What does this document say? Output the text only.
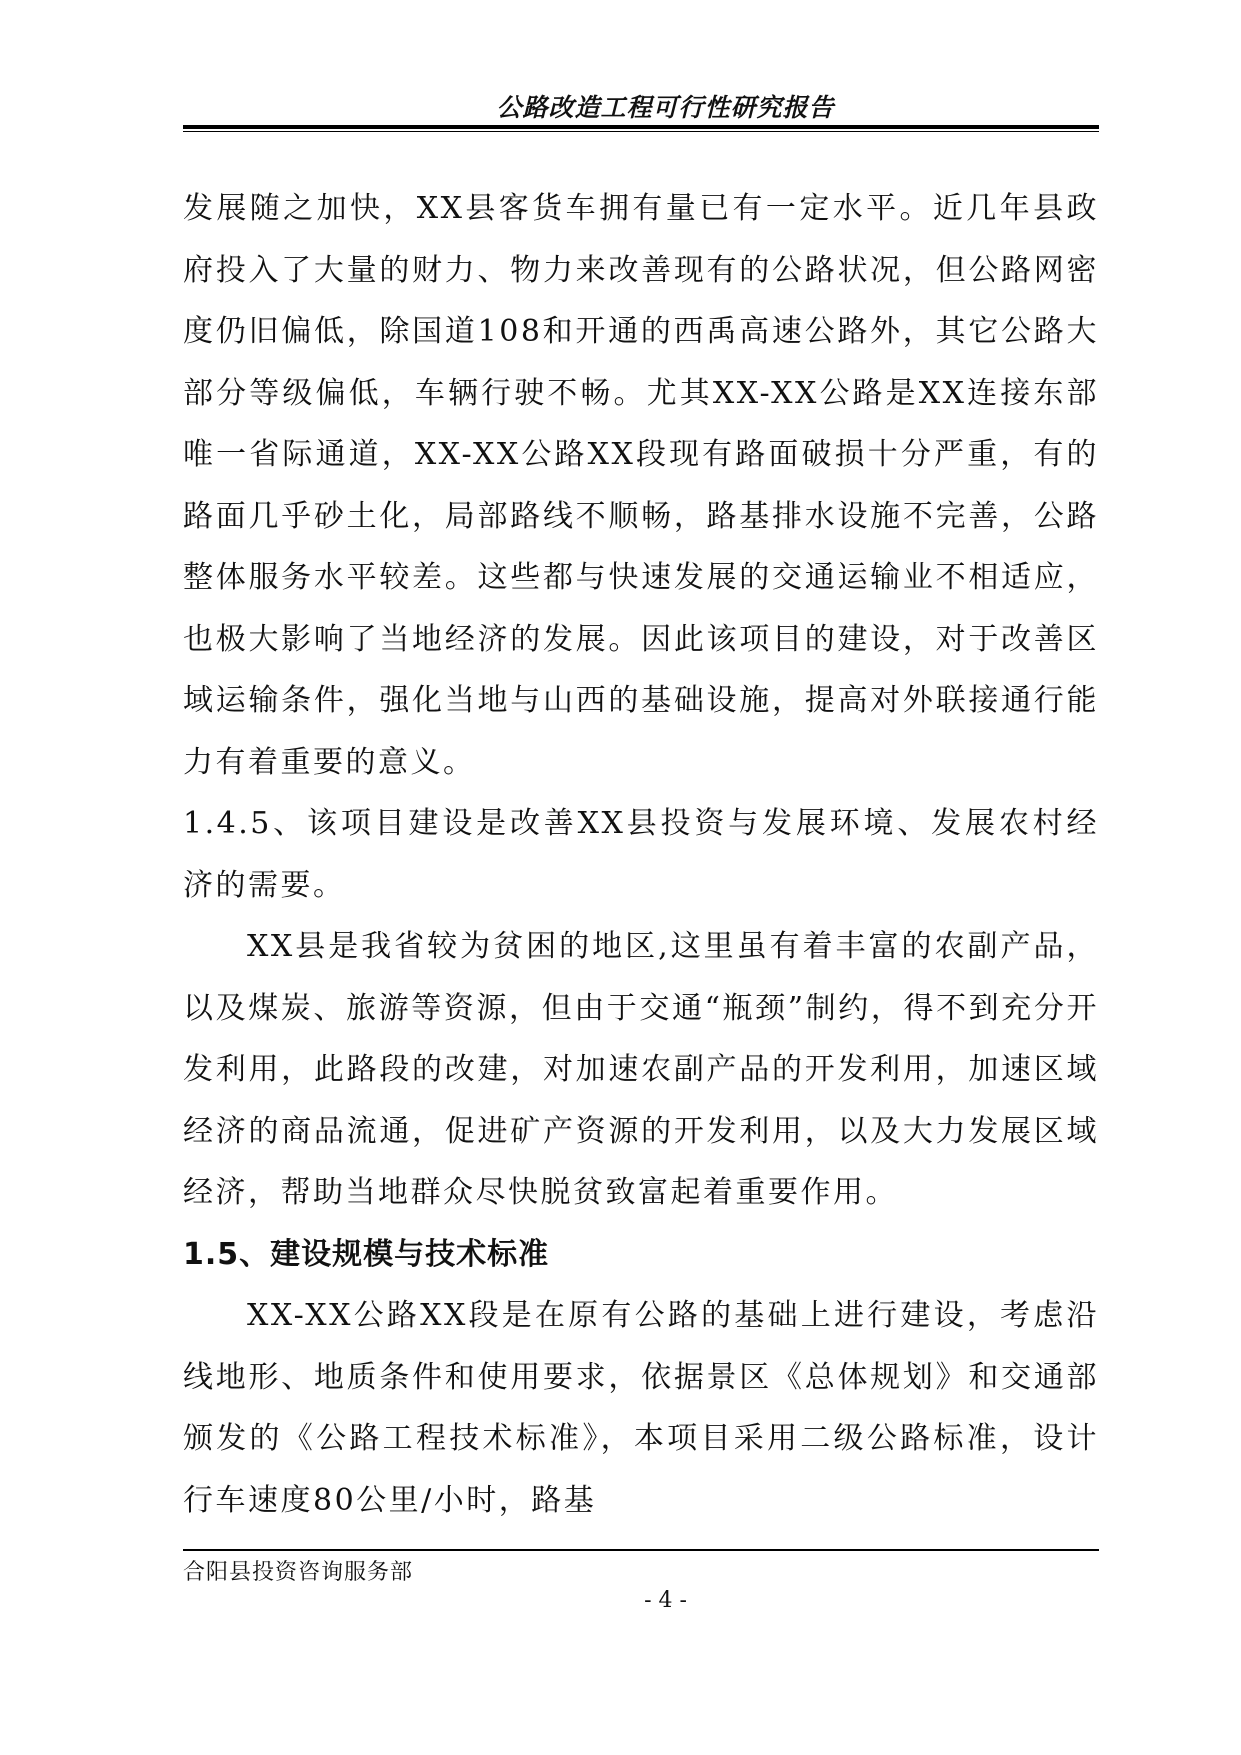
公路改造工程可行性研究报告

发展随之加快，XX县客货车拥有量已有一定水平。近几年县政府投入了大量的财力、物力来改善现有的公路状况，但公路网密度仍旧偏低，除国道108和开通的西禹高速公路外，其它公路大部分等级偏低，车辆行驶不畅。尤其XX-XX公路是XX连接东部唯一省际通道，XX-XX公路XX段现有路面破损十分严重，有的路面几乎砂土化，局部路线不顺畅，路基排水设施不完善，公路整体服务水平较差。这些都与快速发展的交通运输业不相适应，也极大影响了当地经济的发展。因此该项目的建设，对于改善区域运输条件，强化当地与山西的基础设施，提高对外联接通行能力有着重要的意义。

1.4.5、该项目建设是改善XX县投资与发展环境、发展农村经济的需要。

XX县是我省较为贫困的地区,这里虽有着丰富的农副产品，以及煤炭、旅游等资源，但由于交通“瓶颈”制约，得不到充分开发利用，此路段的改建，对加速农副产品的开发利用，加速区域经济的商品流通，促进矿产资源的开发利用，以及大力发展区域经济，帮助当地群众尽快脱贫致富起着重要作用。

1.5、建设规模与技术标准

XX-XX公路XX段是在原有公路的基础上进行建设，考虑沿线地形、地质条件和使用要求，依据景区《总体规划》和交通部颁发的《公路工程技术标准》，本项目采用二级公路标准，设计行车速度80公里/小时，路基

合阳县投资咨询服务部
- 4 -
